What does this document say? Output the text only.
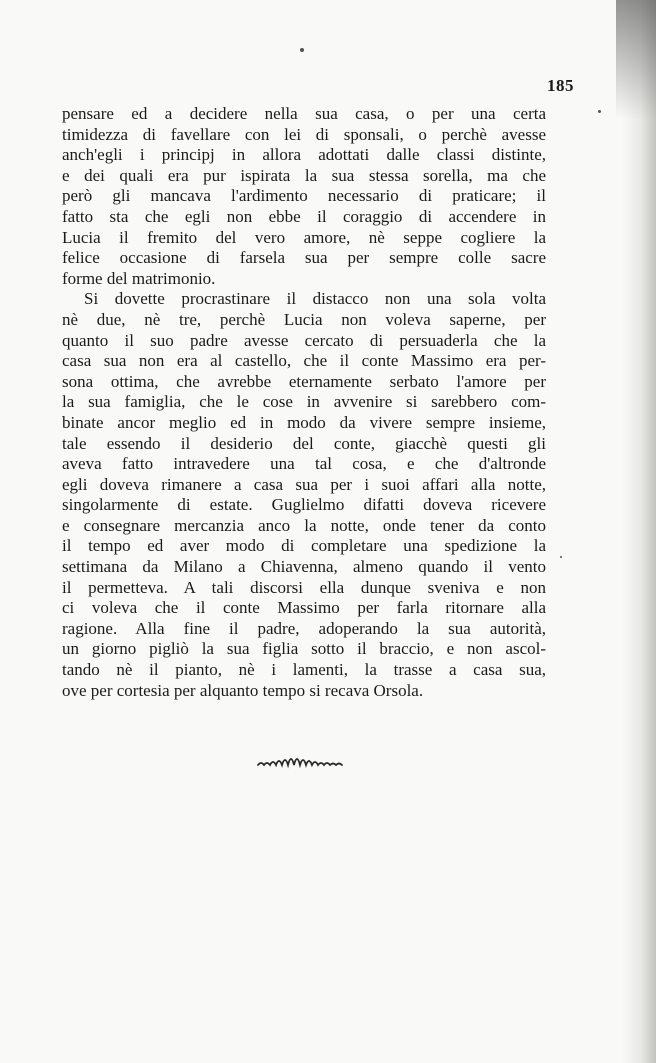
185
pensare ed a decidere nella sua casa, o per una certa
timidezza di favellare con lei di sponsali, o perchè avesse
anch'egli i principj in allora adottati dalle classi distinte,
e dei quali era pur ispirata la sua stessa sorella, ma che
però gli mancava l'ardimento necessario di praticare; il
fatto sta che egli non ebbe il coraggio di accendere in
Lucia il fremito del vero amore, nè seppe cogliere la
felice occasione di farsela sua per sempre colle sacre
forme del matrimonio.
Si dovette procrastinare il distacco non una sola volta
nè due, nè tre, perchè Lucia non voleva saperne, per
quanto il suo padre avesse cercato di persuaderla che la
casa sua non era al castello, che il conte Massimo era per-
sona ottima, che avrebbe eternamente serbato l'amore per
la sua famiglia, che le cose in avvenire si sarebbero com-
binate ancor meglio ed in modo da vivere sempre insieme,
tale essendo il desiderio del conte, giacchè questi gli
aveva fatto intravedere una tal cosa, e che d'altronde
egli doveva rimanere a casa sua per i suoi affari alla notte,
singolarmente di estate. Guglielmo difatti doveva ricevere
e consegnare mercanzia anco la notte, onde tener da conto
il tempo ed aver modo di completare una spedizione la
settimana da Milano a Chiavenna, almeno quando il vento
il permetteva. A tali discorsi ella dunque sveniva e non
ci voleva che il conte Massimo per farla ritornare alla
ragione. Alla fine il padre, adoperando la sua autorità,
un giorno pigliò la sua figlia sotto il braccio, e non ascol-
tando nè il pianto, nè i lamenti, la trasse a casa sua,
ove per cortesia per alquanto tempo si recava Orsola.
